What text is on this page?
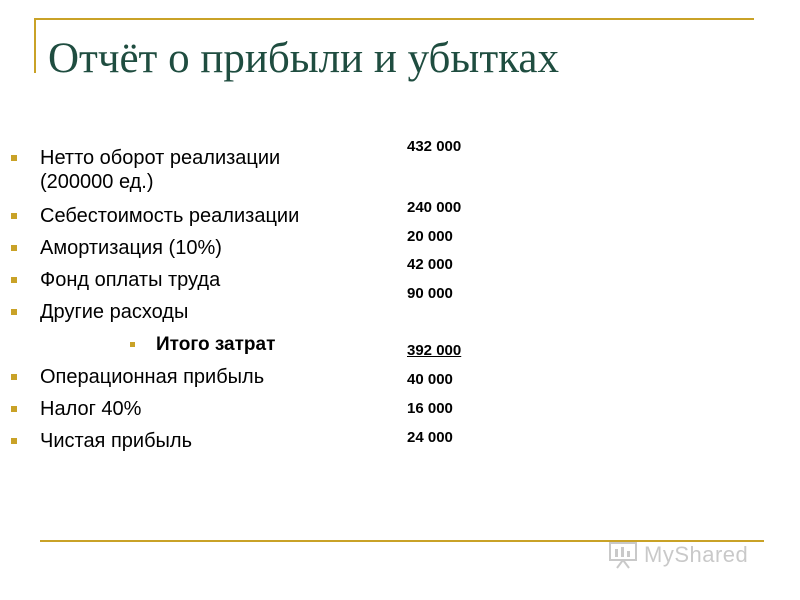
Отчёт о прибыли и убытках
Нетто оборот реализации
(200000 ед.)
Себестоимость реализации
Амортизация (10%)
Фонд оплаты труда
Другие расходы
Итого затрат
Операционная прибыль
Налог 40%
Чистая прибыль
432 000
240 000
20 000
42 000
90 000
392 000
40 000
16 000
24 000
MyShared
